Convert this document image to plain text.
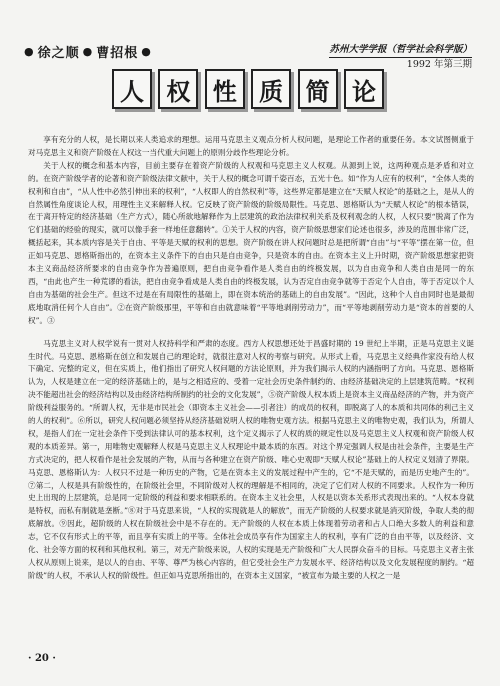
● 徐之顺 ● 曹招根 ●	苏州大学学报（哲学社会科学版）
1992 年第三期
人 权 性 质 简 论

享有充分的人权，是长期以来人类追求的理想。运用马克思主义观点分析人权问题，是理论工作者的重要任务。本文试图侧重于对马克思主义和资产阶级在人权这一当代重大问题上的原则分歧作些理论分析。

关于人权的概念和基本内容，目前主要存在着资产阶级的人权观和马克思主义人权观。从源到上说，这两种观点是矛盾和对立的。在资产阶级学者的论著和资产阶级法律文献中，关于人权的概念可谓千姿百态，五光十色。如“作为人应有的权利”，“全体人类的权利和自由”，“从人性中必然引伸出来的权利”，“人权即人的自然权利”等，这些界定都是建立在“天赋人权论”的基础之上，是从人的自然属性角度谈论人权，用理性主义来解释人权。它反映了资产阶级的阶级局限性。马克思、恩格斯认为“天赋人权论”的根本错误，在于离开特定的经济基础（生产方式），随心所欲地解释作为上层建筑的政治法律权利关系及权利观念的人权，人权只要“脱离了作为它们基础的经验的现实，就可以像手套一样地任意翻转”。①关于人权的内容，资产阶级思想家们论述也很多，涉及的范围非常广泛，概括起来，其本质内容是关于自由、平等是天赋的权利的思想。资产阶级在讲人权问题时总是把所谓“自由”与“平等”摆在第一位，但正如马克思、恩格斯指出的，在资本主义条件下的自由只是自由竞争，只是资本的自由。在资本主义上升时期，资产阶级思想家把资本主义商品经济所要求的自由竞争作为普遍原则，把自由竞争看作是人类自由的终极发展，以为自由竞争和人类自由是同一的东西，“由此也产生一种荒谬的看法，把自由竞争看成是人类自由的终极发展，认为否定自由竞争就等于否定个人自由，等于否定以个人自由为基础的社会生产。但这不过是在有局限性的基础上，即在资本统治的基础上的自由发展”。“因此，这种个人自由同时也是最彻底地取消任何个人自由”。②在资产阶级那里，平等和自由就意味着“平等地剥削劳动力”，而“平等地剥削劳动力是“资本的首要的人权”。③

马克思主义对人权学说有一贯对人权持科学和严肃的态度。西方人权思想还处于昌盛时期的 19 世纪上半期，正是马克思主义诞生时代。马克思、恩格斯在创立和发展自己的理论时，就很注意对人权的考察与研究。从形式上看，马克思主义经典作家没有给人权下确定、完整的定义，但在实质上，他们指出了研究人权问题的方法论原则，并为我们揭示人权的内涵指明了方向。马克思、恩格斯认为，人权是建立在一定的经济基础上的，是与之相适应的、受着一定社会历史条件制约的、由经济基础决定的上层建筑范畴。“权利决不能超出社会的经济结构以及由经济结构所制约的社会的文化发展”，⑤资产阶级人权本质上是资本主义商品经济的产物，并为资产阶级利益服务的。“所谓人权，无非是市民社会（即资本主义社会——引者注）的成员的权利，即脱离了人的本质和共同体的利己主义的人的权利”。⑥所以，研究人权问题必须坚持从经济基础说明人权的唯物史观方法。根据马克思主义的唯物史观，我们认为，所谓人权，是指人们在一定社会条件下受到法律认可的基本权利，这个定义揭示了人权的质的规定性以及马克思主义人权观和资产阶级人权观的本质差异。第一，用唯物史观解释人权是马克思主义人权理论中最本质的东西。对这个界定强调人权是由社会条件，主要是生产方式决定的，把人权看作是社会发展的产物，从而与各种建立在资产阶级、唯心史观即“天赋人权论”基础上的人权定义划清了界限。马克思、恩格斯认为：人权只不过是一种历史的产物，它是在资本主义的发展过程中产生的，它“不是天赋的，而是历史地产生的”。⑦第二，人权是具有阶级性的，在阶级社会里，不同阶级对人权的理解是不相同的，决定了它们对人权的不同要求。人权作为一种历史上出现的上层建筑，总是同一定阶级的利益和要求相联系的。在资本主义社会里，人权是以资本关系形式表现出来的。“人权本身就是特权，而私有制就是垄断。”⑧对于马克思来说，“人权的实现就是人的解放”，而无产阶级的人权要求就是消灭阶级，争取人类的彻底解放。⑨因此，超阶级的人权在阶级社会中是不存在的。无产阶级的人权在本质上体现着劳动者和占人口绝大多数人的利益和意志，它不仅有形式上的平等，而且享有实质上的平等。全体社会成员享有作为国家主人的权利，享有广泛的自由平等，以及经济、文化、社会等方面的权利和其他权利。第三，对无产阶级来说，人权的实现是无产阶级和广大人民群众奋斗的目标。马克思主义者主张人权从原则上说来，是以人的自由、平等、尊严为核心内容的，但它受社会生产力发展水平、经济结构以及文化发展程度的制约。“超阶级”的人权，不承认人权的阶级性。但正如马克思所指出的，在资本主义国家，“被宣布为最主要的人权之一是

· 20 ·
